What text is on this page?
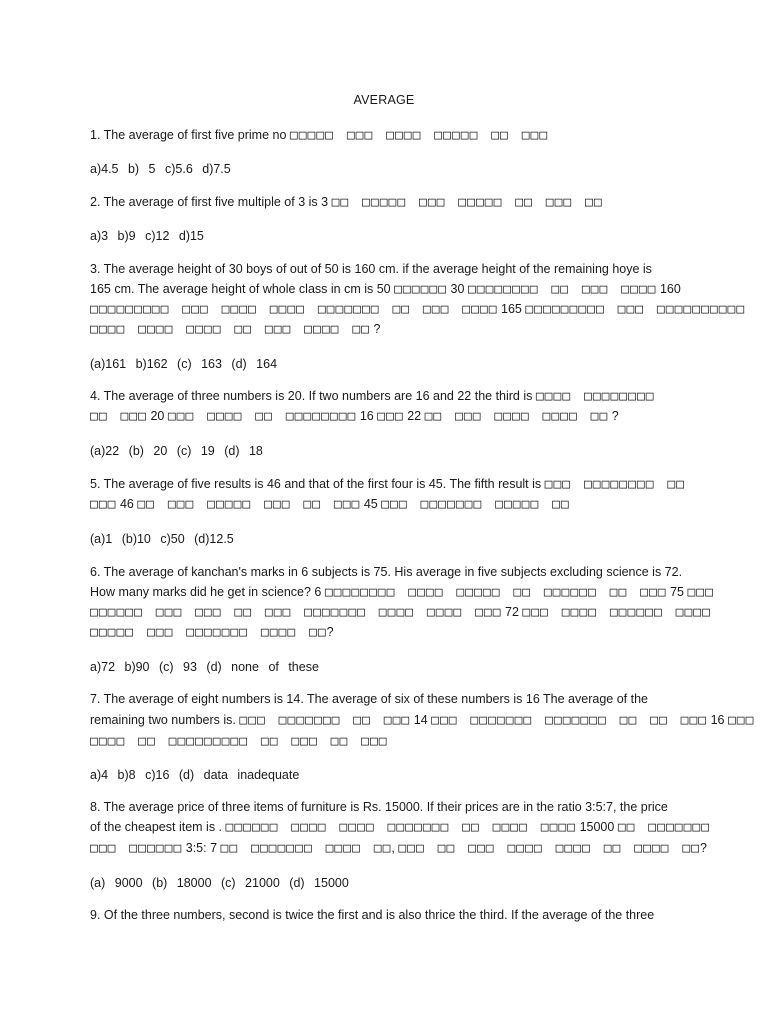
AVERAGE
1. The average of first five prime no □□□□□ □□□ □□□□ □□□□□ □□ □□□
a)4.5 b) 5 c)5.6 d)7.5
2. The average of first five multiple of 3 is 3 □□ □□□□□ □□□ □□□□□ □□ □□□ □□
a)3 b)9 c)12 d)15
3. The average height of 30 boys of out of 50 is 160 cm. if the average height of the remaining hoye is
165 cm. The average height of whole class in cm is 50 □□□□□□ 30 □□□□□□□□ □□ □□□ □□□□ 160
□□□□□□□□□ □□□ □□□□ □□□□ □□□□□□□ □□ □□□ □□□□ 165 □□□□□□□□□ □□□ □□□□□□□□□□
□□□□ □□□□ □□□□ □□ □□□ □□□□ □□ ?
(a)161 b)162 (c) 163 (d) 164
4. The average of three numbers is 20. If two numbers are 16 and 22 the third is □□□□ □□□□□□□□
□□ □□□ 20 □□□ □□□□ □□ □□□□□□□□ 16 □□□ 22 □□ □□□ □□□□ □□□□ □□ ?
(a)22 (b) 20 (c) 19 (d) 18
5. The average of five results is 46 and that of the first four is 45. The fifth result is □□□ □□□□□□□□ □□
□□□ 46 □□ □□□ □□□□□ □□□ □□ □□□ 45 □□□ □□□□□□□ □□□□□ □□
(a)1 (b)10 c)50 (d)12.5
6. The average of kanchan's marks in 6 subjects is 75. His average in five subjects excluding science is 72.
How many marks did he get in science? 6 □□□□□□□□ □□□□ □□□□□ □□ □□□□□□ □□ □□□ 75 □□□
□□□□□□ □□□ □□□ □□ □□□ □□□□□□□ □□□□ □□□□ □□□ 72 □□□ □□□□ □□□□□□ □□□□
□□□□□ □□□ □□□□□□□ □□□□ □□?
a)72 b)90 (c) 93 (d) none of these
7. The average of eight numbers is 14. The average of six of these numbers is 16 The average of the
remaining two numbers is. □□□ □□□□□□□ □□ □□□ 14 □□□ □□□□□□□ □□□□□□□ □□ □□ □□□ 16 □□□
□□□□ □□ □□□□□□□□□ □□ □□□ □□ □□□
a)4 b)8 c)16 (d) data inadequate
8. The average price of three items of furniture is Rs. 15000. If their prices are in the ratio 3:5:7, the price
of the cheapest item is . □□□□□□ □□□□ □□□□ □□□□□□□ □□ □□□□ □□□□ 15000 □□ □□□□□□□
□□□ □□□□□□ 3:5: 7 □□ □□□□□□□ □□□□ □□, □□□ □□ □□□ □□□□ □□□□ □□ □□□□ □□?
(a) 9000 (b) 18000 (c) 21000 (d) 15000
9. Of the three numbers, second is twice the first and is also thrice the third. If the average of the three
